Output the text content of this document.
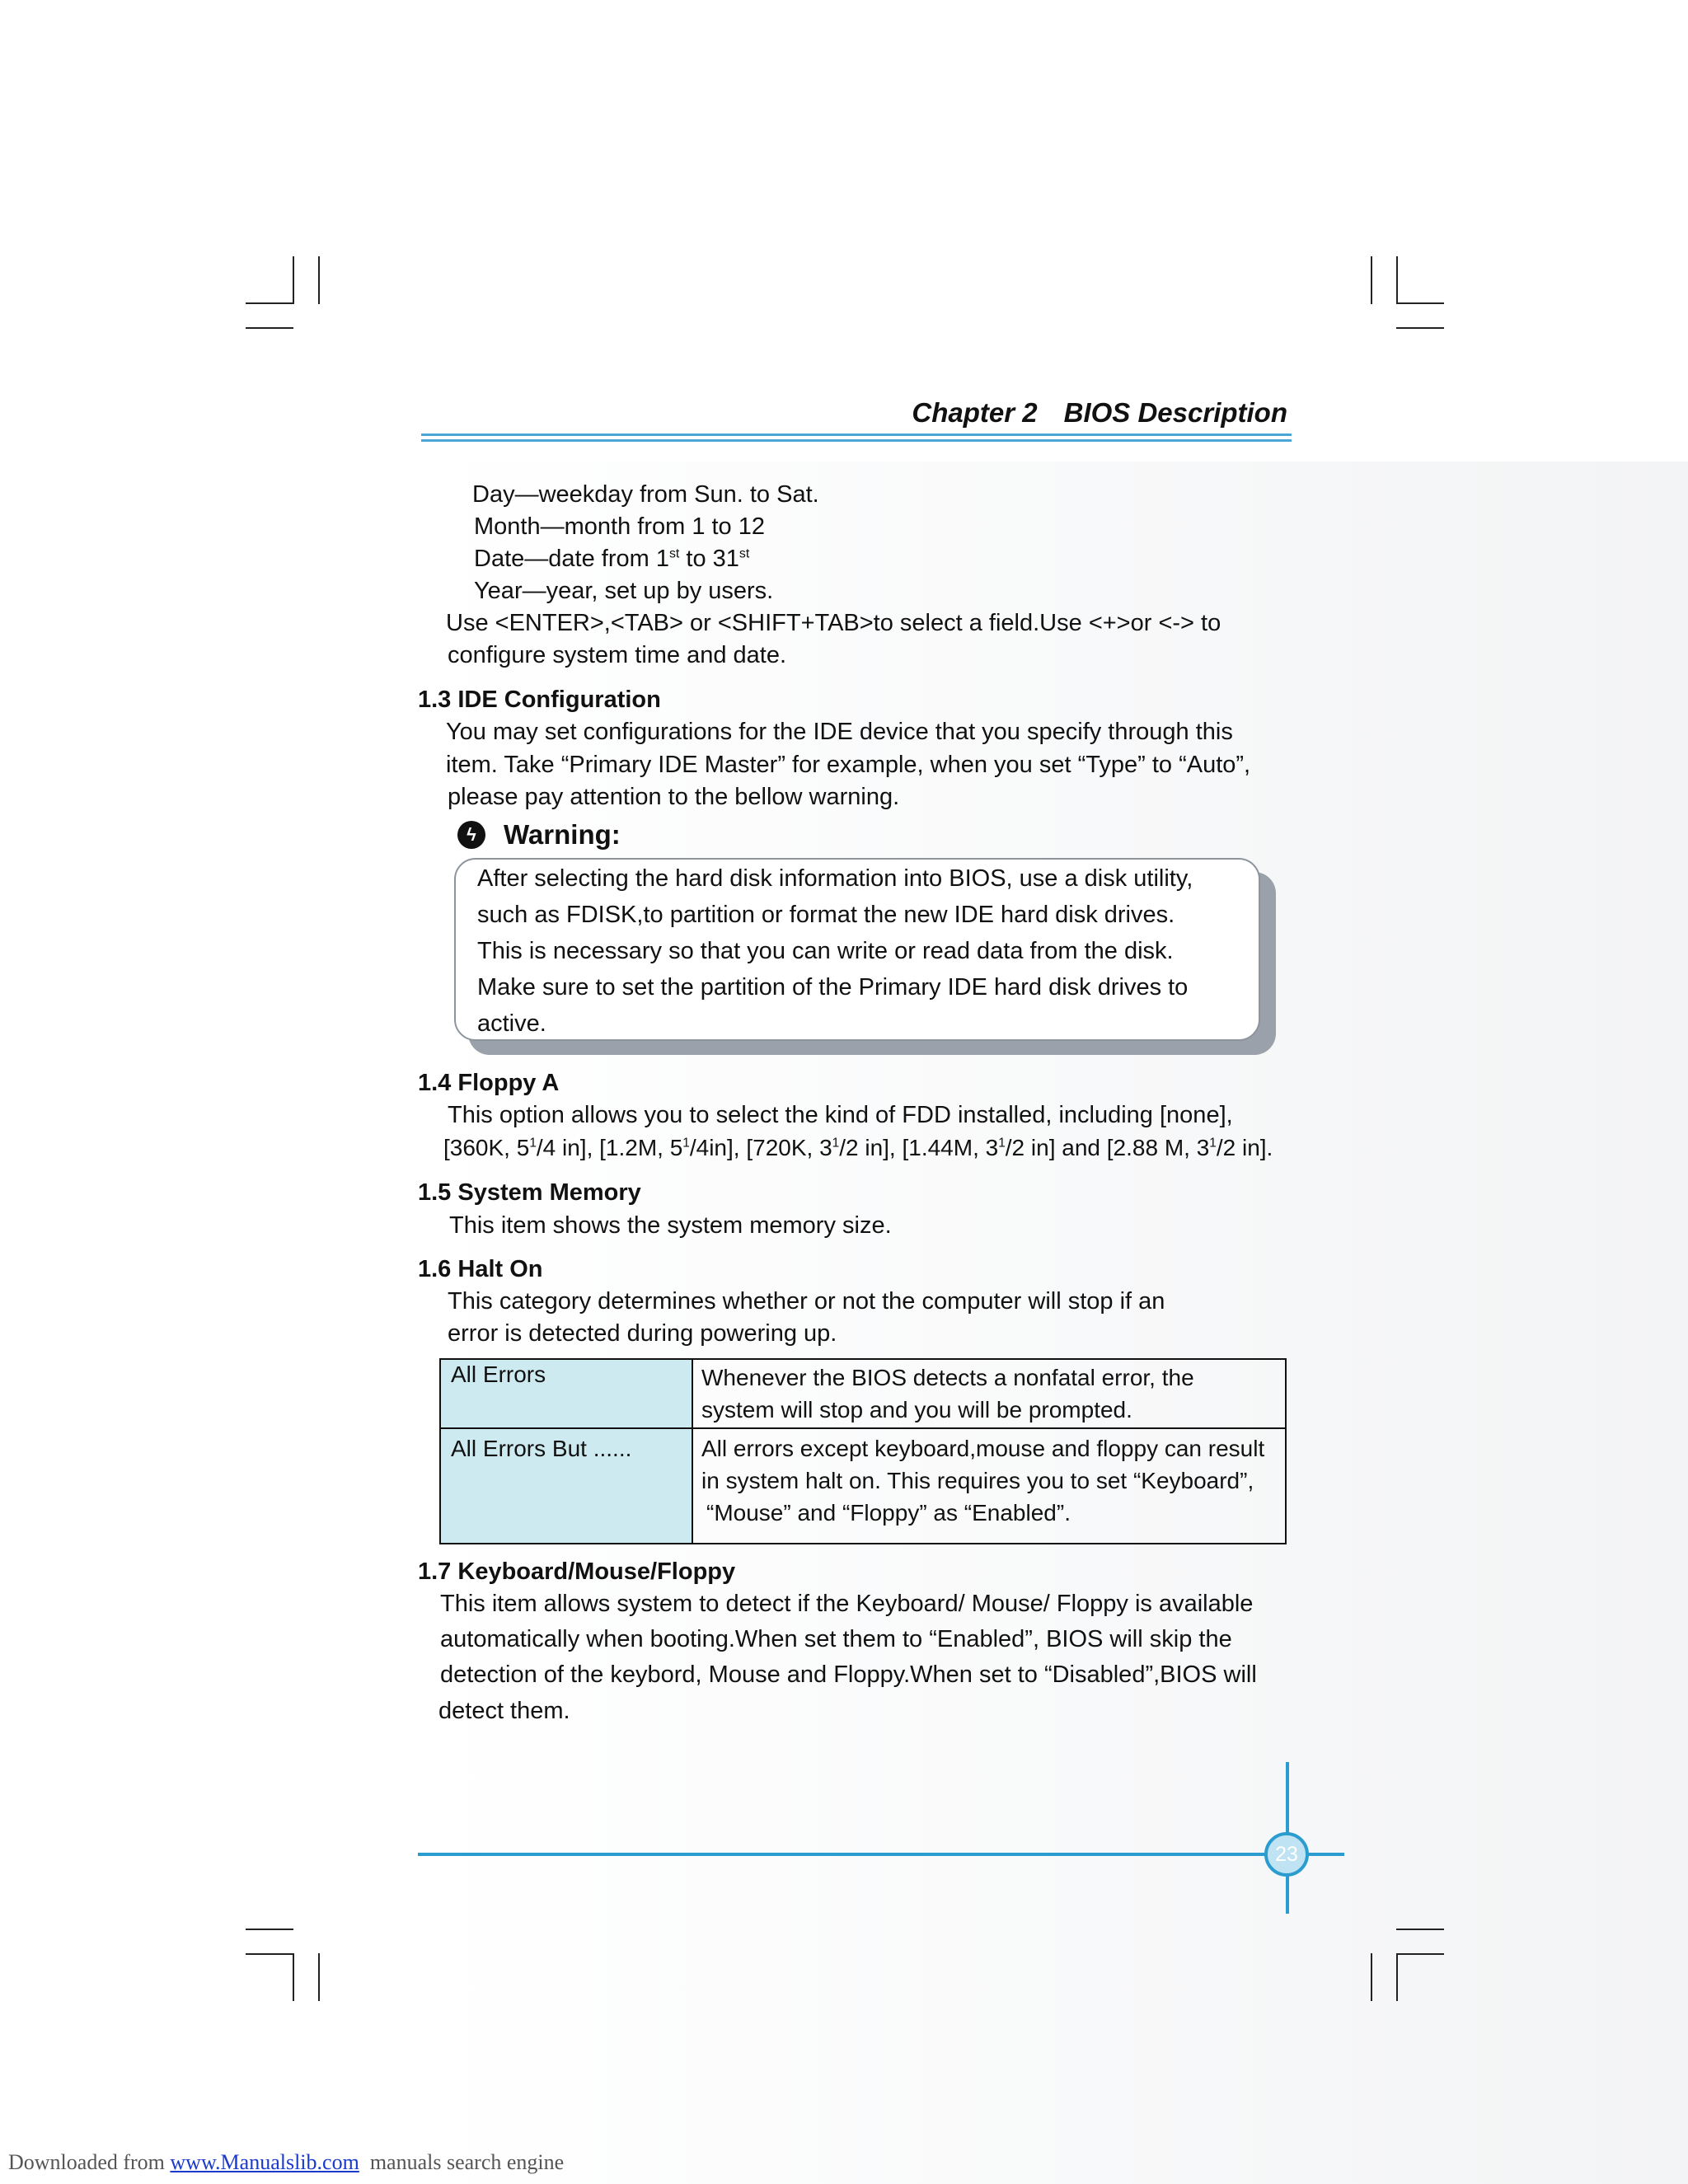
Chapter 2 BIOS Description
Day—weekday from Sun. to Sat.
Month—month from 1 to 12
Date—date from 1st to 31st
Year—year, set up by users.
Use <ENTER>,<TAB> or <SHIFT+TAB>to select a field.Use <+>or <-> to
configure system time and date.
1.3 IDE Configuration
You may set configurations for the IDE device that you specify through this
item. Take “Primary IDE Master” for example, when you set “Type” to “Auto”,
please pay attention to the bellow warning.
ϟ	Warning:
After selecting the hard disk information into BIOS, use a disk utility,
such as FDISK,to partition or format the new IDE hard disk drives.
This is necessary so that you can write or read data from the disk.
Make sure to set the partition of the Primary IDE hard disk drives to
active.
1.4 Floppy A
This option allows you to select the kind of FDD installed, including [none],
[360K, $5^1/4$ in], [1.2M, $5^1/4in$], [720K, $3^1/2$ in], [1.44M, $3^1/2$ in] and [2.88 M, $3^1/2$ in].
1.5 System Memory
This item shows the system memory size.
1.6 Halt On
This category determines whether or not the computer will stop if an
error is detected during powering up.
All Errors	Whenever the BIOS detects a nonfatal error, the
system will stop and you will be prompted.

All Errors But ......	All errors except keyboard,mouse and floppy can result
in system halt on. This requires you to set “Keyboard”,
“Mouse” and “Floppy” as “Enabled”.
1.7 Keyboard/Mouse/Floppy
This item allows system to detect if the Keyboard/ Mouse/ Floppy is available
automatically when booting.When set them to “Enabled”, BIOS will skip the
detection of the keybord, Mouse and Floppy.When set to “Disabled”,BIOS will
detect them.
23
Downloaded from www.Manualslib.com  manuals search engine
